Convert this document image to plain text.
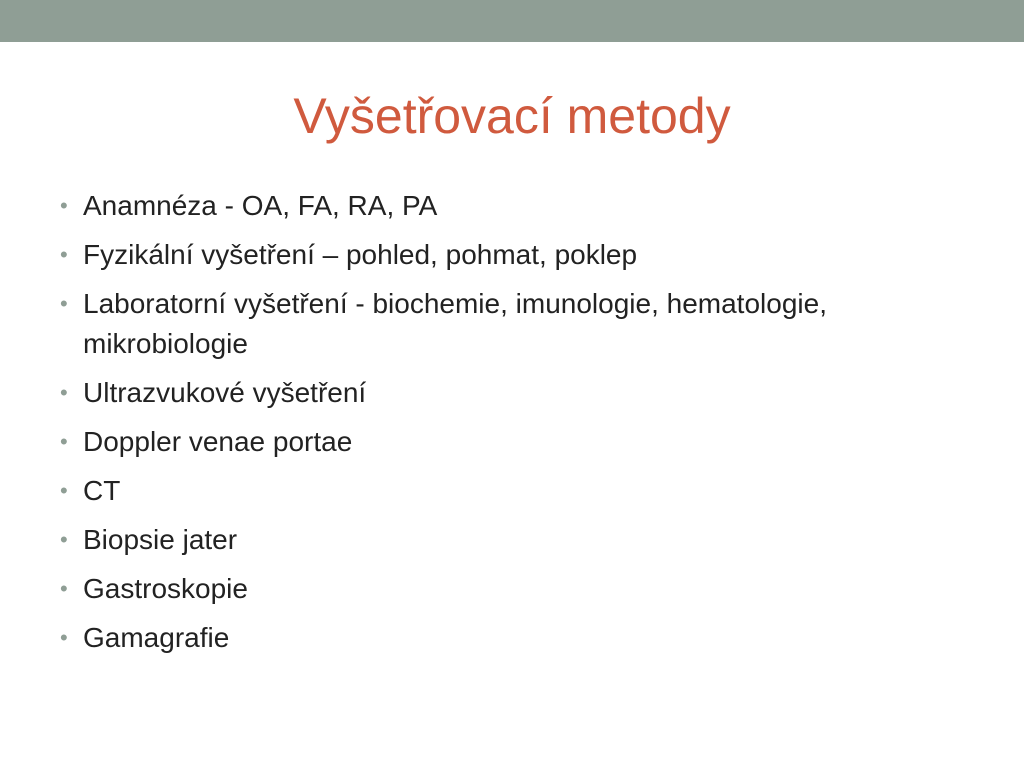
Vyšetřovací metody
• Anamnéza - OA, FA, RA, PA
• Fyzikální vyšetření – pohled, pohmat, poklep
• Laboratorní vyšetření - biochemie, imunologie, hematologie, mikrobiologie
• Ultrazvukové vyšetření
• Doppler venae portae
• CT
• Biopsie jater
• Gastroskopie
• Gamagrafie
